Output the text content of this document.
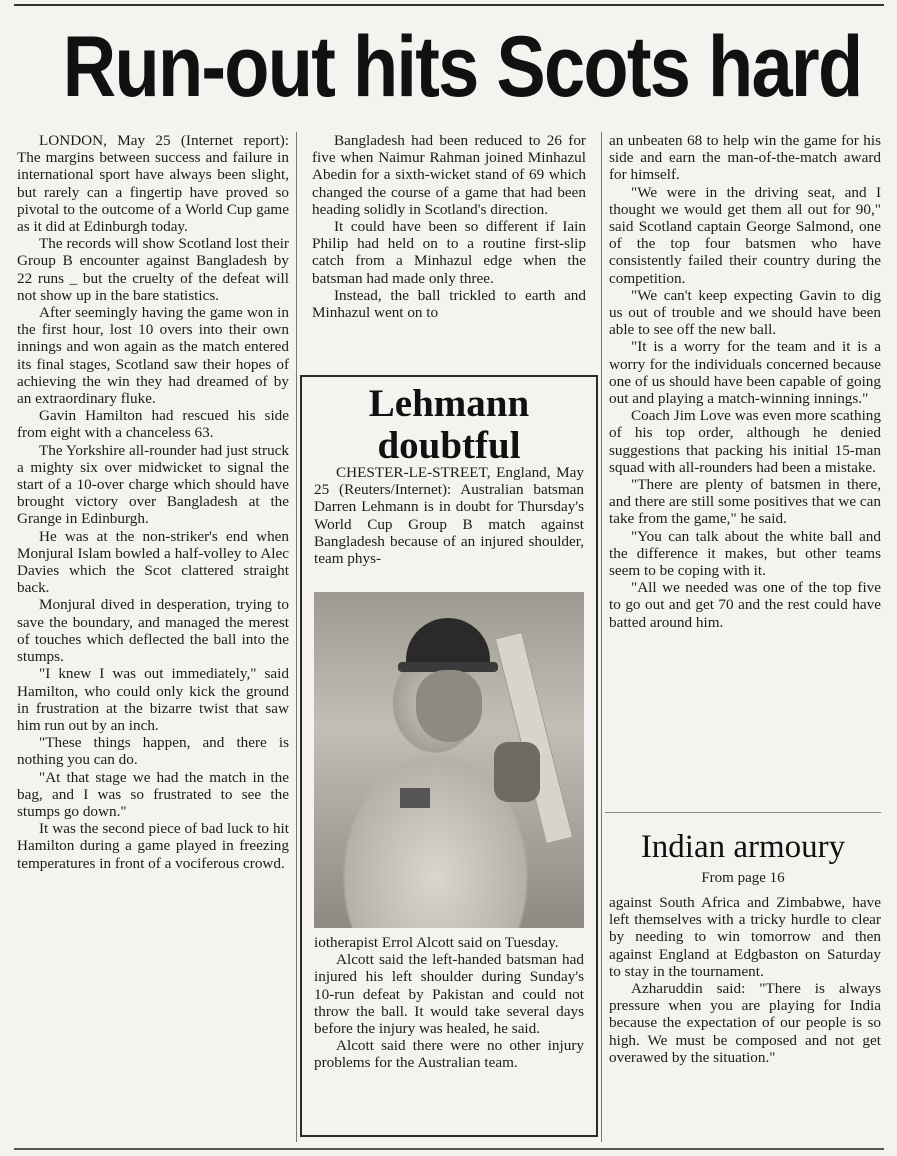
Run-out hits Scots hard

LONDON, May 25 (Internet report): The margins between success and failure in international sport have always been slight, but rarely can a fingertip have proved so pivotal to the outcome of a World Cup game as it did at Edinburgh today.

The records will show Scotland lost their Group B encounter against Bangladesh by 22 runs _ but the cruelty of the defeat will not show up in the bare statistics.

After seemingly having the game won in the first hour, lost 10 overs into their own innings and won again as the match entered its final stages, Scotland saw their hopes of achieving the win they had dreamed of by an extraordinary fluke.

Gavin Hamilton had rescued his side from eight with a chanceless 63.

The Yorkshire all-rounder had just struck a mighty six over midwicket to signal the start of a 10-over charge which should have brought victory over Bangladesh at the Grange in Edinburgh.

He was at the non-striker's end when Monjural Islam bowled a half-volley to Alec Davies which the Scot clattered straight back.

Monjural dived in desperation, trying to save the boundary, and managed the merest of touches which deflected the ball into the stumps.

"I knew I was out immediately," said Hamilton, who could only kick the ground in frustration at the bizarre twist that saw him run out by an inch.

"These things happen, and there is nothing you can do.

"At that stage we had the match in the bag, and I was so frustrated to see the stumps go down."

It was the second piece of bad luck to hit Hamilton during a game played in freezing temperatures in front of a vociferous crowd.

Bangladesh had been reduced to 26 for five when Naimur Rahman joined Minhazul Abedin for a sixth-wicket stand of 69 which changed the course of a game that had been heading solidly in Scotland's direction.

It could have been so different if Iain Philip had held on to a routine first-slip catch from a Minhazul edge when the batsman had made only three.

Instead, the ball trickled to earth and Minhazul went on to

Lehmann doubtful

CHESTER-LE-STREET, England, May 25 (Reuters/Internet): Australian batsman Darren Lehmann is in doubt for Thursday's World Cup Group B match against Bangladesh because of an injured shoulder, team phys-

iotherapist Errol Alcott said on Tuesday.

Alcott said the left-handed batsman had injured his left shoulder during Sunday's 10-run defeat by Pakistan and could not throw the ball. It would take several days before the injury was healed, he said.

Alcott said there were no other injury problems for the Australian team.

an unbeaten 68 to help win the game for his side and earn the man-of-the-match award for himself.

"We were in the driving seat, and I thought we would get them all out for 90," said Scotland captain George Salmond, one of the top four batsmen who have consistently failed their country during the competition.

"We can't keep expecting Gavin to dig us out of trouble and we should have been able to see off the new ball.

"It is a worry for the team and it is a worry for the individuals concerned because one of us should have been capable of going out and playing a match-winning innings."

Coach Jim Love was even more scathing of his top order, although he denied suggestions that packing his initial 15-man squad with all-rounders had been a mistake.

"There are plenty of batsmen in there, and there are still some positives that we can take from the game," he said.

"You can talk about the white ball and the difference it makes, but other teams seem to be coping with it.

"All we needed was one of the top five to go out and get 70 and the rest could have batted around him.

Indian armoury
From page 16

against South Africa and Zimbabwe, have left themselves with a tricky hurdle to clear by needing to win tomorrow and then against England at Edgbaston on Saturday to stay in the tournament.

Azharuddin said: "There is always pressure when you are playing for India because the expectation of our people is so high. We must be composed and not get overawed by the situation."
